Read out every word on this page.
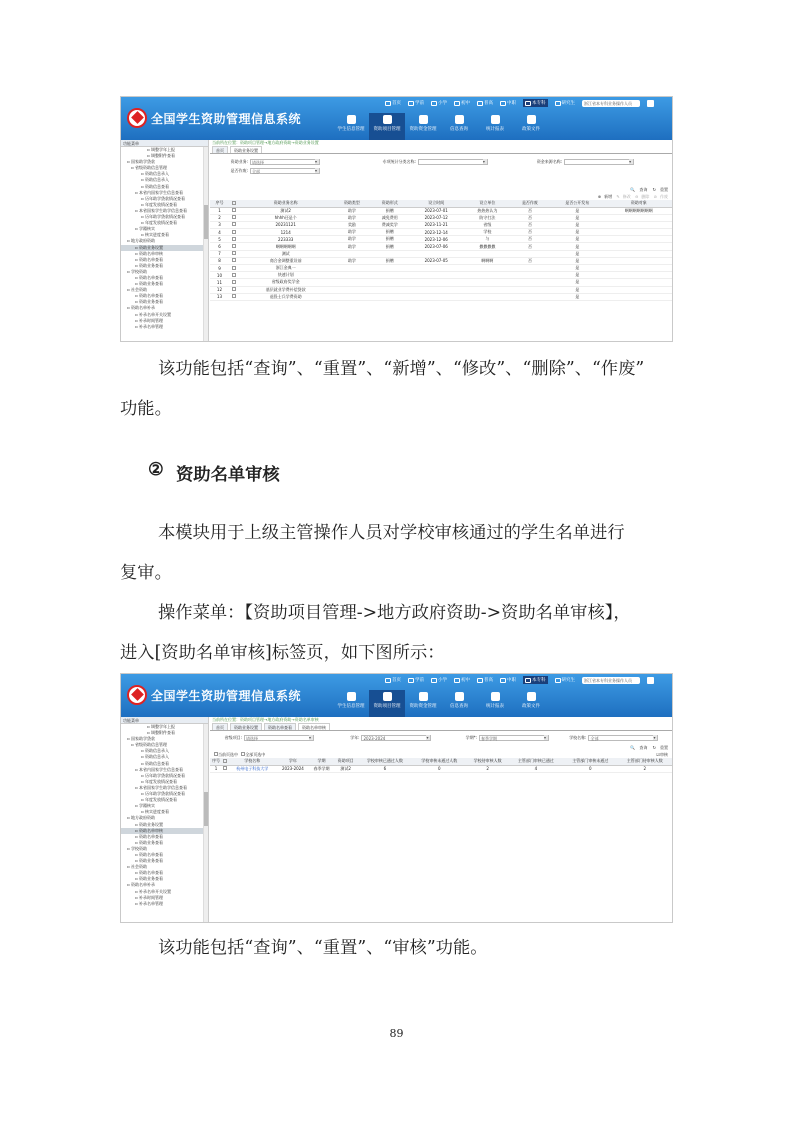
全国学生资助管理信息系统
首页	学前	小学	初中	普高	中职	本专科	研究生	浙江省本专科业务操作人员
学生信息管理	资助项目管理	资助资金管理	信息查询	统计报表	政策文件
功能菜单
▫ 调整学年上报
▫ 调整附件查看
▫ 国家助学贷款
▫ 省级资助信息管理
▫ 资助信息录入
▫ 资助信息录入
▫ 资助信息查看
▫ 本省内国家学生信息查看
▫ 历年助学贷款情况查看
▫ 年度发放情况查看
▫ 本省国家学生助学信息查看
▫ 历年助学贷款情况查看
▫ 年度发放情况查看
▫ 学籍核实
▫ 核实进度查看
▫ 地方政府资助
▫ 资助业务设置
▫ 资助名单审核
▫ 资助名单查看
▫ 资助业务查看
▫ 学校资助
▫ 资助名单查看
▫ 资助业务查看
▫ 社会资助
▫ 资助名单查看
▫ 资助业务查看
▫ 资助名单补录
▫ 补录名单开关设置
▫ 补录时间管理
▫ 补录名单管理
当前所在位置：资助项目管理→地方政府资助→资助业务设置
首页	资助业务设置
资助业务:	请选择 ▾	专项统计分类名称: ▾	资金来源名称:
▾
是否作废:	全部 ▾
🔍 查询 ↻ 重置
⊕ 新增 ✎ 修改 ⊖ 删除 ⊘ 作废
序号		资助业务名称	资助类型	资助形式	设立时间	设立单位	是否作废	是否公开发布	资助对象
1		测试2	助学	捐赠	2023-07-01	热热热认为	否	是	啊啊啊啊啊啊啊
2		hhhh还是个	助学	减免费用	2023-07-12	防守打法	否	是	
3		20231121	奖励	费减奖学	2023-11-21	省级	否	是	
4		1214	助学	捐赠	2023-12-14	学校	否	是	
5		223333	助学	捐赠	2023-12-06	与	否	是	
6		啊啊啊啊啊	助学	捐赠	2023-07-06	撒撒撒撒	否	是	
7		测试						是	
8		商合金调整重设前	助学	捐赠	2023-07-05	啊啊啊	否	是	
9		浙江金典一						是	
10		快速计划						是	
11		省级政府奖学金						是	
12		基层就业学费补偿贷款						是	
13		退役士兵学费资助						是	
该功能包括“查询”、“重置”、“新增”、“修改”、“删除”、“作废”
功能。
② 资助名单审核
本模块用于上级主管操作人员对学校审核通过的学生名单进行
复审。
操作菜单：【资助项目管理->地方政府资助->资助名单审核】，
进入[资助名单审核]标签页，如下图所示：
全国学生资助管理信息系统
首页	学前	小学	初中	普高	中职	本专科	研究生	浙江省本专科业务操作人员
学生信息管理	资助项目管理	资助资金管理	信息查询	统计报表	政策文件
功能菜单
▫ 调整学年上报
▫ 调整附件查看
▫ 国家助学贷款
▫ 省级资助信息管理
▫ 资助信息录入
▫ 资助信息录入
▫ 资助信息查看
▫ 本省内国家学生信息查看
▫ 历年助学贷款情况查看
▫ 年度发放情况查看
▫ 本省国家学生助学信息查看
▫ 历年助学贷款情况查看
▫ 年度发放情况查看
▫ 学籍核实
▫ 核实进度查看
▫ 地方政府资助
▫ 资助业务设置
▫ 资助名单审核
▫ 资助名单查看
▫ 资助业务查看
▫ 学校资助
▫ 资助名单查看
▫ 资助业务查看
▫ 社会资助
▫ 资助名单查看
▫ 资助业务查看
▫ 资助名单补录
▫ 补录名单开关设置
▫ 补录时间管理
▫ 补录名单管理
当前所在位置：资助项目管理→地方政府资助→资助名单审核
首页	资助业务设置	资助名单查看	资助名单审核
省级项目:	请选择 ▾	学年:	2023-2024 ▾	学期*:	春季学期 ▾	学校名称:	全部 ▾
🔍 查询 ↻ 重置
当前页选中 全部页选中	☑审核
序号		学校名称	学年	学期	资助项目	学校审核已通过人数	学校审核未通过人数	学校待审核人数	主管部门审核已通过	主管部门审核未通过	主管部门待审核人数
1		杭州电子科技大学	2023-2024	春季学期	测试2	6	0	2	4	0	2
该功能包括“查询”、“重置”、“审核”功能。
89
